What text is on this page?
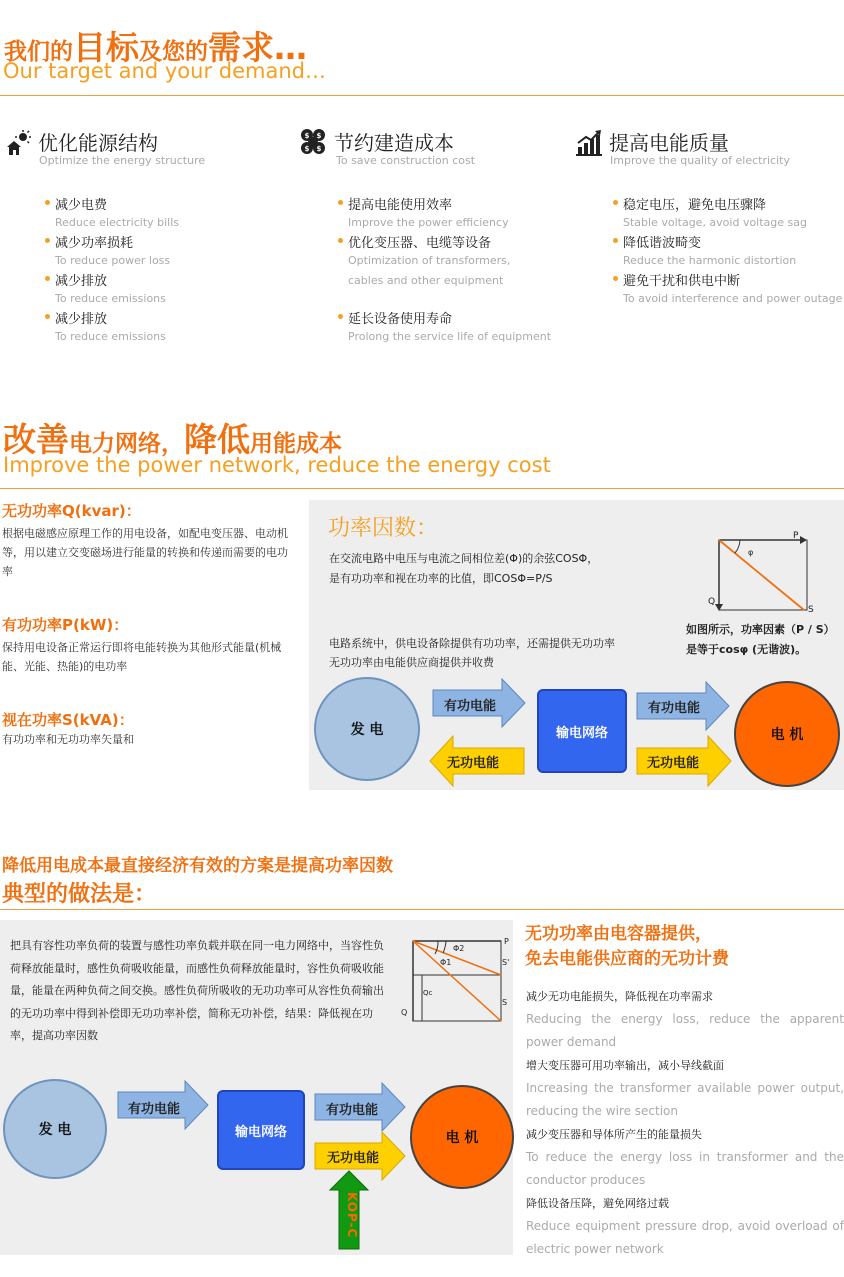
我们的目标及您的需求…
Our target and your demand…
优化能源结构
Optimize the energy structure
减少电费
Reduce electricity bills
减少功率损耗
To reduce power loss
减少排放
To reduce emissions
减少排放
To reduce emissions
$ $
$ $ 节约建造成本
To save construction cost
提高电能使用效率
Improve the power efficiency
优化变压器、电缆等设备
Optimization of transformers,
cables and other equipment
延长设备使用寿命
Prolong the service life of equipment
提高电能质量
Improve the quality of electricity
稳定电压，避免电压骤降
Stable voltage, avoid voltage sag
降低谐波畸变
Reduce the harmonic distortion
避免干扰和供电中断
To avoid interference and power outage
改善电力网络，降低用能成本
Improve the power network, reduce the energy cost
无功功率Q(kvar)：
根据电磁感应原理工作的用电设备，如配电变压器、电动机等，用以建立交变磁场进行能量的转换和传递而需要的电功率
有功功率P(kW)：
保持用电设备正常运行即将电能转换为其他形式能量(机械能、光能、热能)的电功率
视在功率S(kVA)：
有功功率和无功功率矢量和
功率因数：
在交流电路中电压与电流之间相位差(Φ)的余弦COSΦ，
是有功功率和视在功率的比值，即COSΦ=P/S
电路系统中，供电设备除提供有功功率，还需提供无功功率
无功功率由电能供应商提供并收费
P
Q
S
φ
如图所示，功率因素（P / S）
是等于cosφ (无谐波)。
发 电
有功电能
无功电能
输电网络
有功电能
无功电能
电 机
降低用电成本最直接经济有效的方案是提高功率因数
典型的做法是：
把具有容性功率负荷的装置与感性功率负载并联在同一电力网络中，当容性负荷释放能量时，感性负荷吸收能量，而感性负荷释放能量时，容性负荷吸收能量，能量在两种负荷之间交换。感性负荷所吸收的无功功率可从容性负荷输出的无功功率中得到补偿即无功功率补偿，简称无功补偿，结果：降低视在功率，提高功率因数
Φ2
Φ1
P
S'
S
Q
Qc
发 电
有功电能
输电网络
有功电能
无功电能
KOP-C
电 机
无功功率由电容器提供，
免去电能供应商的无功计费
减少无功电能损失，降低视在功率需求
Reducing the energy loss, reduce the apparent power demand
增大变压器可用功率输出，减小导线截面
Increasing the transformer available power output, reducing the wire section
减少变压器和导体所产生的能量损失
To reduce the energy loss in transformer and the conductor produces
降低设备压降，避免网络过载
Reduce equipment pressure drop, avoid overload of electric power network
